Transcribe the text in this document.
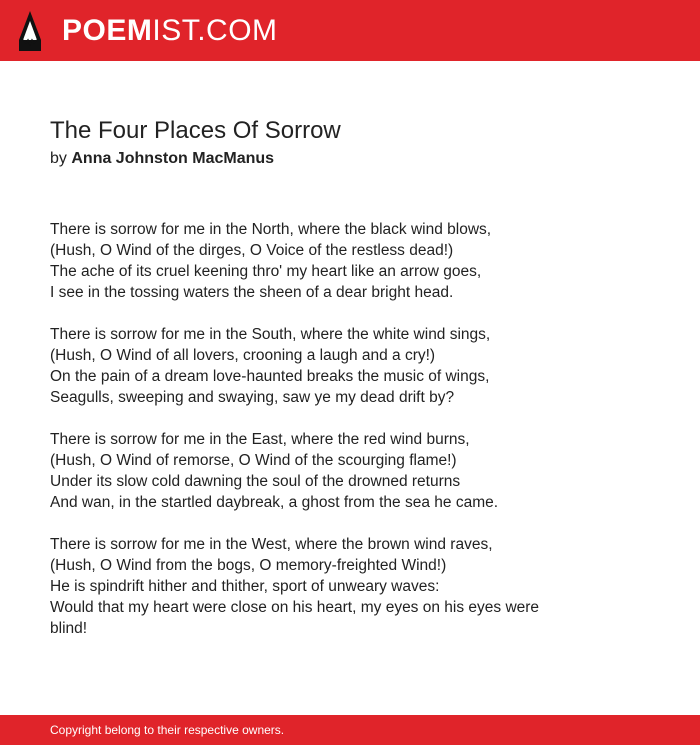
POEMIST.COM
The Four Places Of Sorrow
by Anna Johnston MacManus
There is sorrow for me in the North, where the black wind blows,
(Hush, O Wind of the dirges, O Voice of the restless dead!)
The ache of its cruel keening thro' my heart like an arrow goes,
I see in the tossing waters the sheen of a dear bright head.
There is sorrow for me in the South, where the white wind sings,
(Hush, O Wind of all lovers, crooning a laugh and a cry!)
On the pain of a dream love-haunted breaks the music of wings,
Seagulls, sweeping and swaying, saw ye my dead drift by?
There is sorrow for me in the East, where the red wind burns,
(Hush, O Wind of remorse, O Wind of the scourging flame!)
Under its slow cold dawning the soul of the drowned returns
And wan, in the startled daybreak, a ghost from the sea he came.
There is sorrow for me in the West, where the brown wind raves,
(Hush, O Wind from the bogs, O memory-freighted Wind!)
He is spindrift hither and thither, sport of unweary waves:
Would that my heart were close on his heart, my eyes on his eyes were blind!
Copyright belong to their respective owners.
